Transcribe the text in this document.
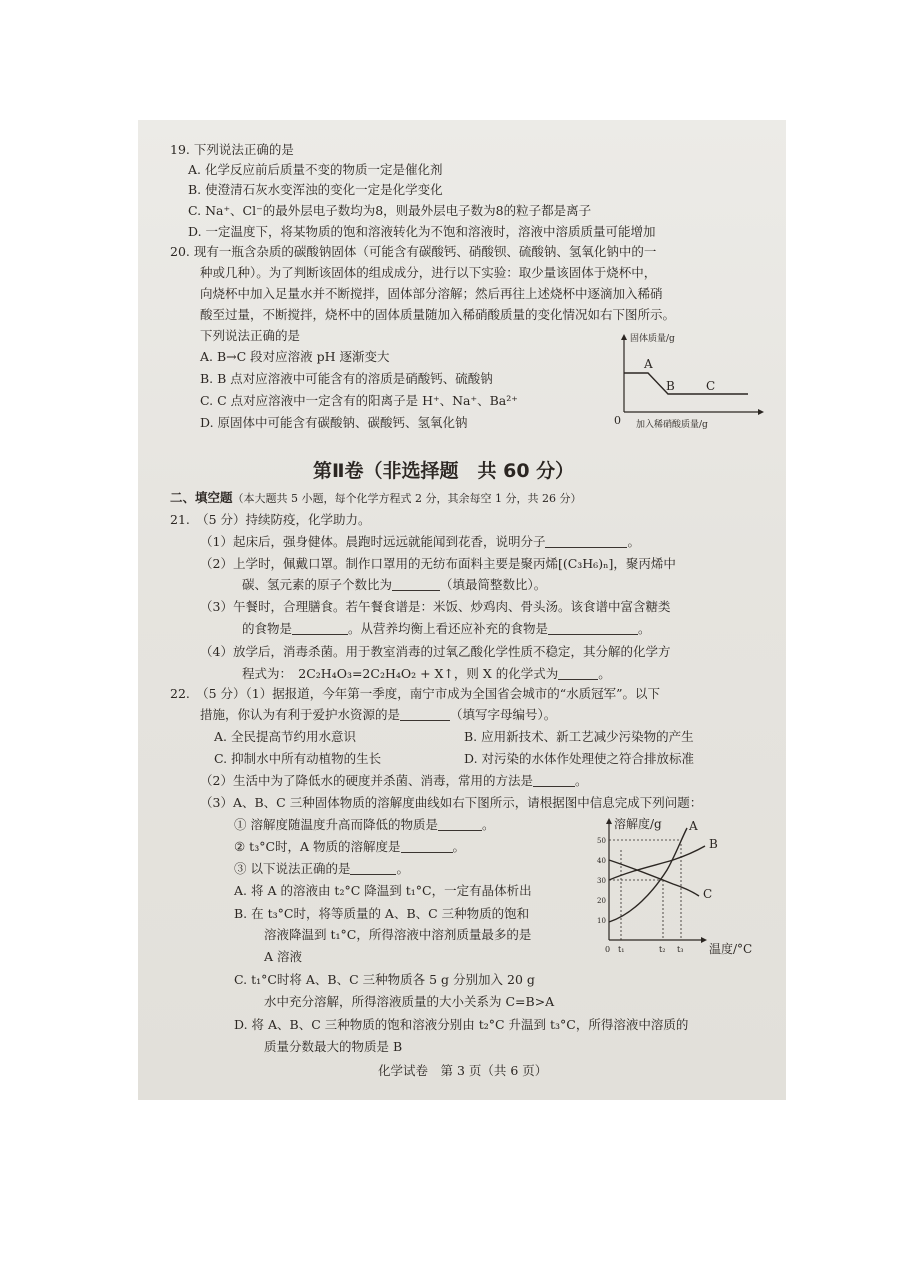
19. 下列说法正确的是
A. 化学反应前后质量不变的物质一定是催化剂
B. 使澄清石灰水变浑浊的变化一定是化学变化
C. Na⁺、Cl⁻的最外层电子数均为8，则最外层电子数为8的粒子都是离子
D. 一定温度下，将某物质的饱和溶液转化为不饱和溶液时，溶液中溶质质量可能增加
20. 现有一瓶含杂质的碳酸钠固体（可能含有碳酸钙、硝酸钡、硫酸钠、氢氧化钠中的一
种或几种）。为了判断该固体的组成成分，进行以下实验：取少量该固体于烧杯中，
向烧杯中加入足量水并不断搅拌，固体部分溶解；然后再往上述烧杯中逐滴加入稀硝
酸至过量，不断搅拌，烧杯中的固体质量随加入稀硝酸质量的变化情况如右下图所示。
下列说法正确的是
A. B→C 段对应溶液 pH 逐渐变大
B. B 点对应溶液中可能含有的溶质是硝酸钙、硫酸钠
C. C 点对应溶液中一定含有的阳离子是 H⁺、Na⁺、Ba²⁺
D. 原固体中可能含有碳酸钠、碳酸钙、氢氧化钠
固体质量/g
A
B	C
0 加入稀硝酸质量/g
第Ⅱ卷（非选择题　共 60 分）
二、填空题（本大题共 5 小题，每个化学方程式 2 分，其余每空 1 分，共 26 分）
21.　（5 分）持续防疫，化学助力。
（1）起床后，强身健体。晨跑时远远就能闻到花香，说明分子	。
（2）上学时，佩戴口罩。制作口罩用的无纺布面料主要是聚丙烯[(C₃H₆)ₙ]，聚丙烯中
碳、氢元素的原子个数比为	（填最简整数比）。
（3）午餐时，合理膳食。若午餐食谱是：米饭、炒鸡肉、骨头汤。该食谱中富含糖类
的食物是	。从营养均衡上看还应补充的食物是	。
（4）放学后，消毒杀菌。用于教室消毒的过氧乙酸化学性质不稳定，其分解的化学方
程式为：　2C₂H₄O₃=2C₂H₄O₂ + X↑，则 X 的化学式为	。
22.　（5 分）（1）据报道，今年第一季度，南宁市成为全国省会城市的“水质冠军”。以下
措施，你认为有利于爱护水资源的是	（填写字母编号）。
A. 全民提高节约用水意识	B. 应用新技术、新工艺减少污染物的产生
C. 抑制水中所有动植物的生长	D. 对污染的水体作处理使之符合排放标准
（2）生活中为了降低水的硬度并杀菌、消毒，常用的方法是	。
（3）A、B、C 三种固体物质的溶解度曲线如右下图所示，请根据图中信息完成下列问题：
① 溶解度随温度升高而降低的物质是	。
② t₃°C时，A 物质的溶解度是	。
③ 以下说法正确的是	。
A. 将 A 的溶液由 t₂°C 降温到 t₁°C，一定有晶体析出
B. 在 t₃°C时，将等质量的 A、B、C 三种物质的饱和
溶液降温到 t₁°C，所得溶液中溶剂质量最多的是
A 溶液
C. t₁°C时将 A、B、C 三种物质各 5 g 分别加入 20 g
水中充分溶解，所得溶液质量的大小关系为 C=B>A
D. 将 A、B、C 三种物质的饱和溶液分别由 t₂°C 升温到 t₃°C，所得溶液中溶质的
质量分数最大的物质是 B
溶解度/g
温度/°C
10
20
30
40
50
0 t₁	t₂ t₃
A
B
C
化学试卷　第 3 页（共 6 页）
